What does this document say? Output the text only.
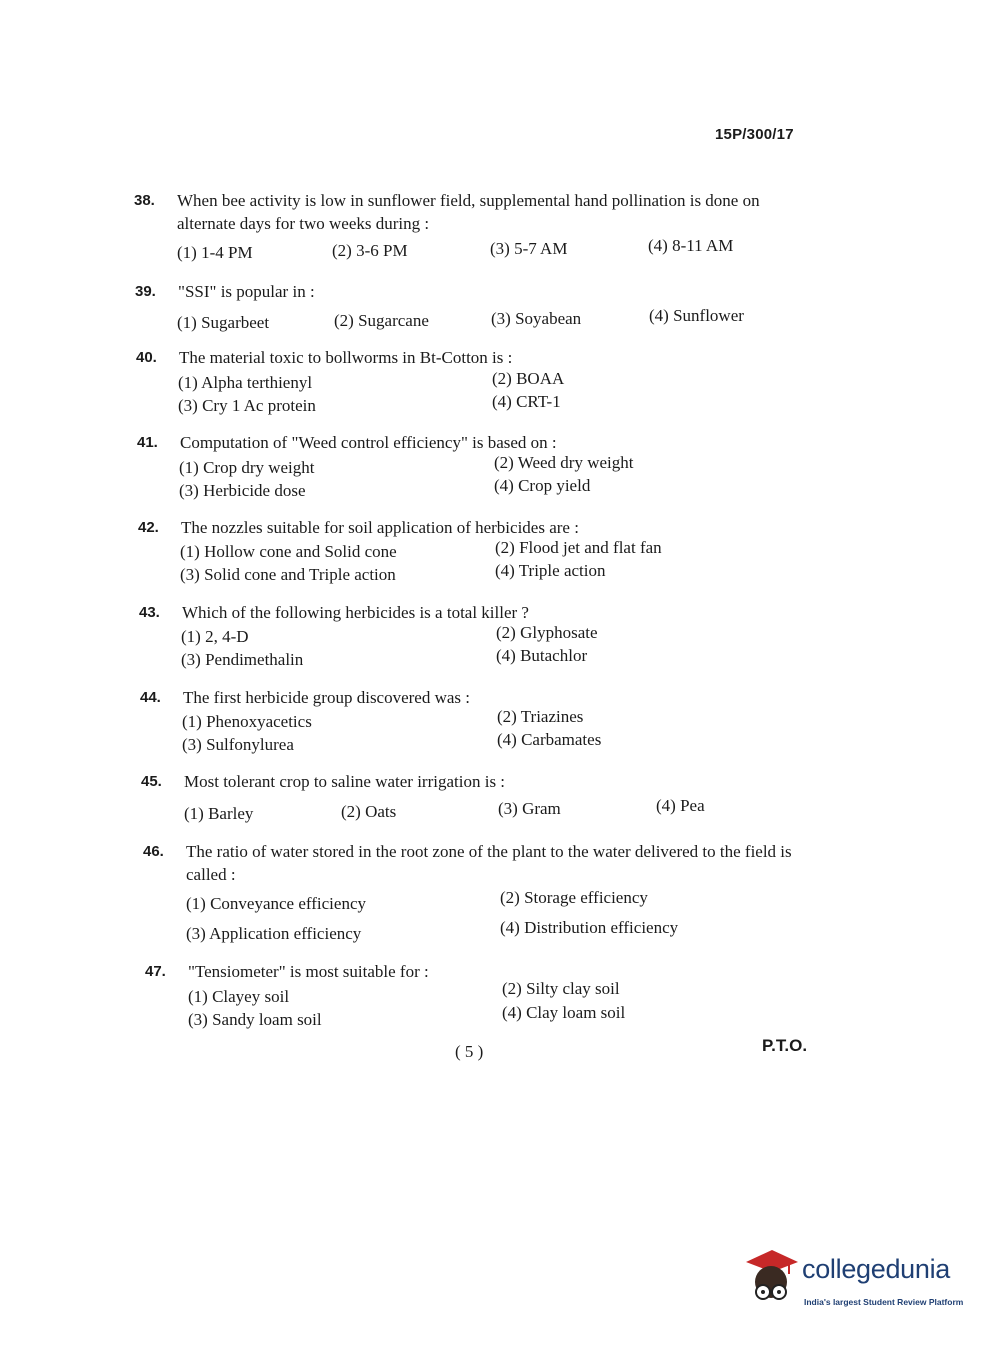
15P/300/17
38. When bee activity is low in sunflower field, supplemental hand pollination is done on alternate days for two weeks during :
(1) 1-4 PM	(2) 3-6 PM	(3) 5-7 AM	(4) 8-11 AM
39. "SSI" is popular in :
(1) Sugarbeet	(2) Sugarcane	(3) Soyabean	(4) Sunflower
40. The material toxic to bollworms in Bt-Cotton is :
(1) Alpha terthienyl	(2) BOAA
(3) Cry 1 Ac protein	(4) CRT-1
41. Computation of "Weed control efficiency" is based on :
(1) Crop dry weight	(2) Weed dry weight
(3) Herbicide dose	(4) Crop yield
42. The nozzles suitable for soil application of herbicides are :
(1) Hollow cone and Solid cone	(2) Flood jet and flat fan
(3) Solid cone and Triple action	(4) Triple action
43. Which of the following herbicides is a total killer ?
(1) 2, 4-D	(2) Glyphosate
(3) Pendimethalin	(4) Butachlor
44. The first herbicide group discovered was :
(1) Phenoxyacetics	(2) Triazines
(3) Sulfonylurea	(4) Carbamates
45. Most tolerant crop to saline water irrigation is :
(1) Barley	(2) Oats	(3) Gram	(4) Pea
46. The ratio of water stored in the root zone of the plant to the water delivered to the field is called :
(1) Conveyance efficiency	(2) Storage efficiency
(3) Application efficiency	(4) Distribution efficiency
47. "Tensiometer" is most suitable for :
(1) Clayey soil	(2) Silty clay soil
(3) Sandy loam soil	(4) Clay loam soil
( 5 )	P.T.O.
collegedunia
India's largest Student Review Platform
